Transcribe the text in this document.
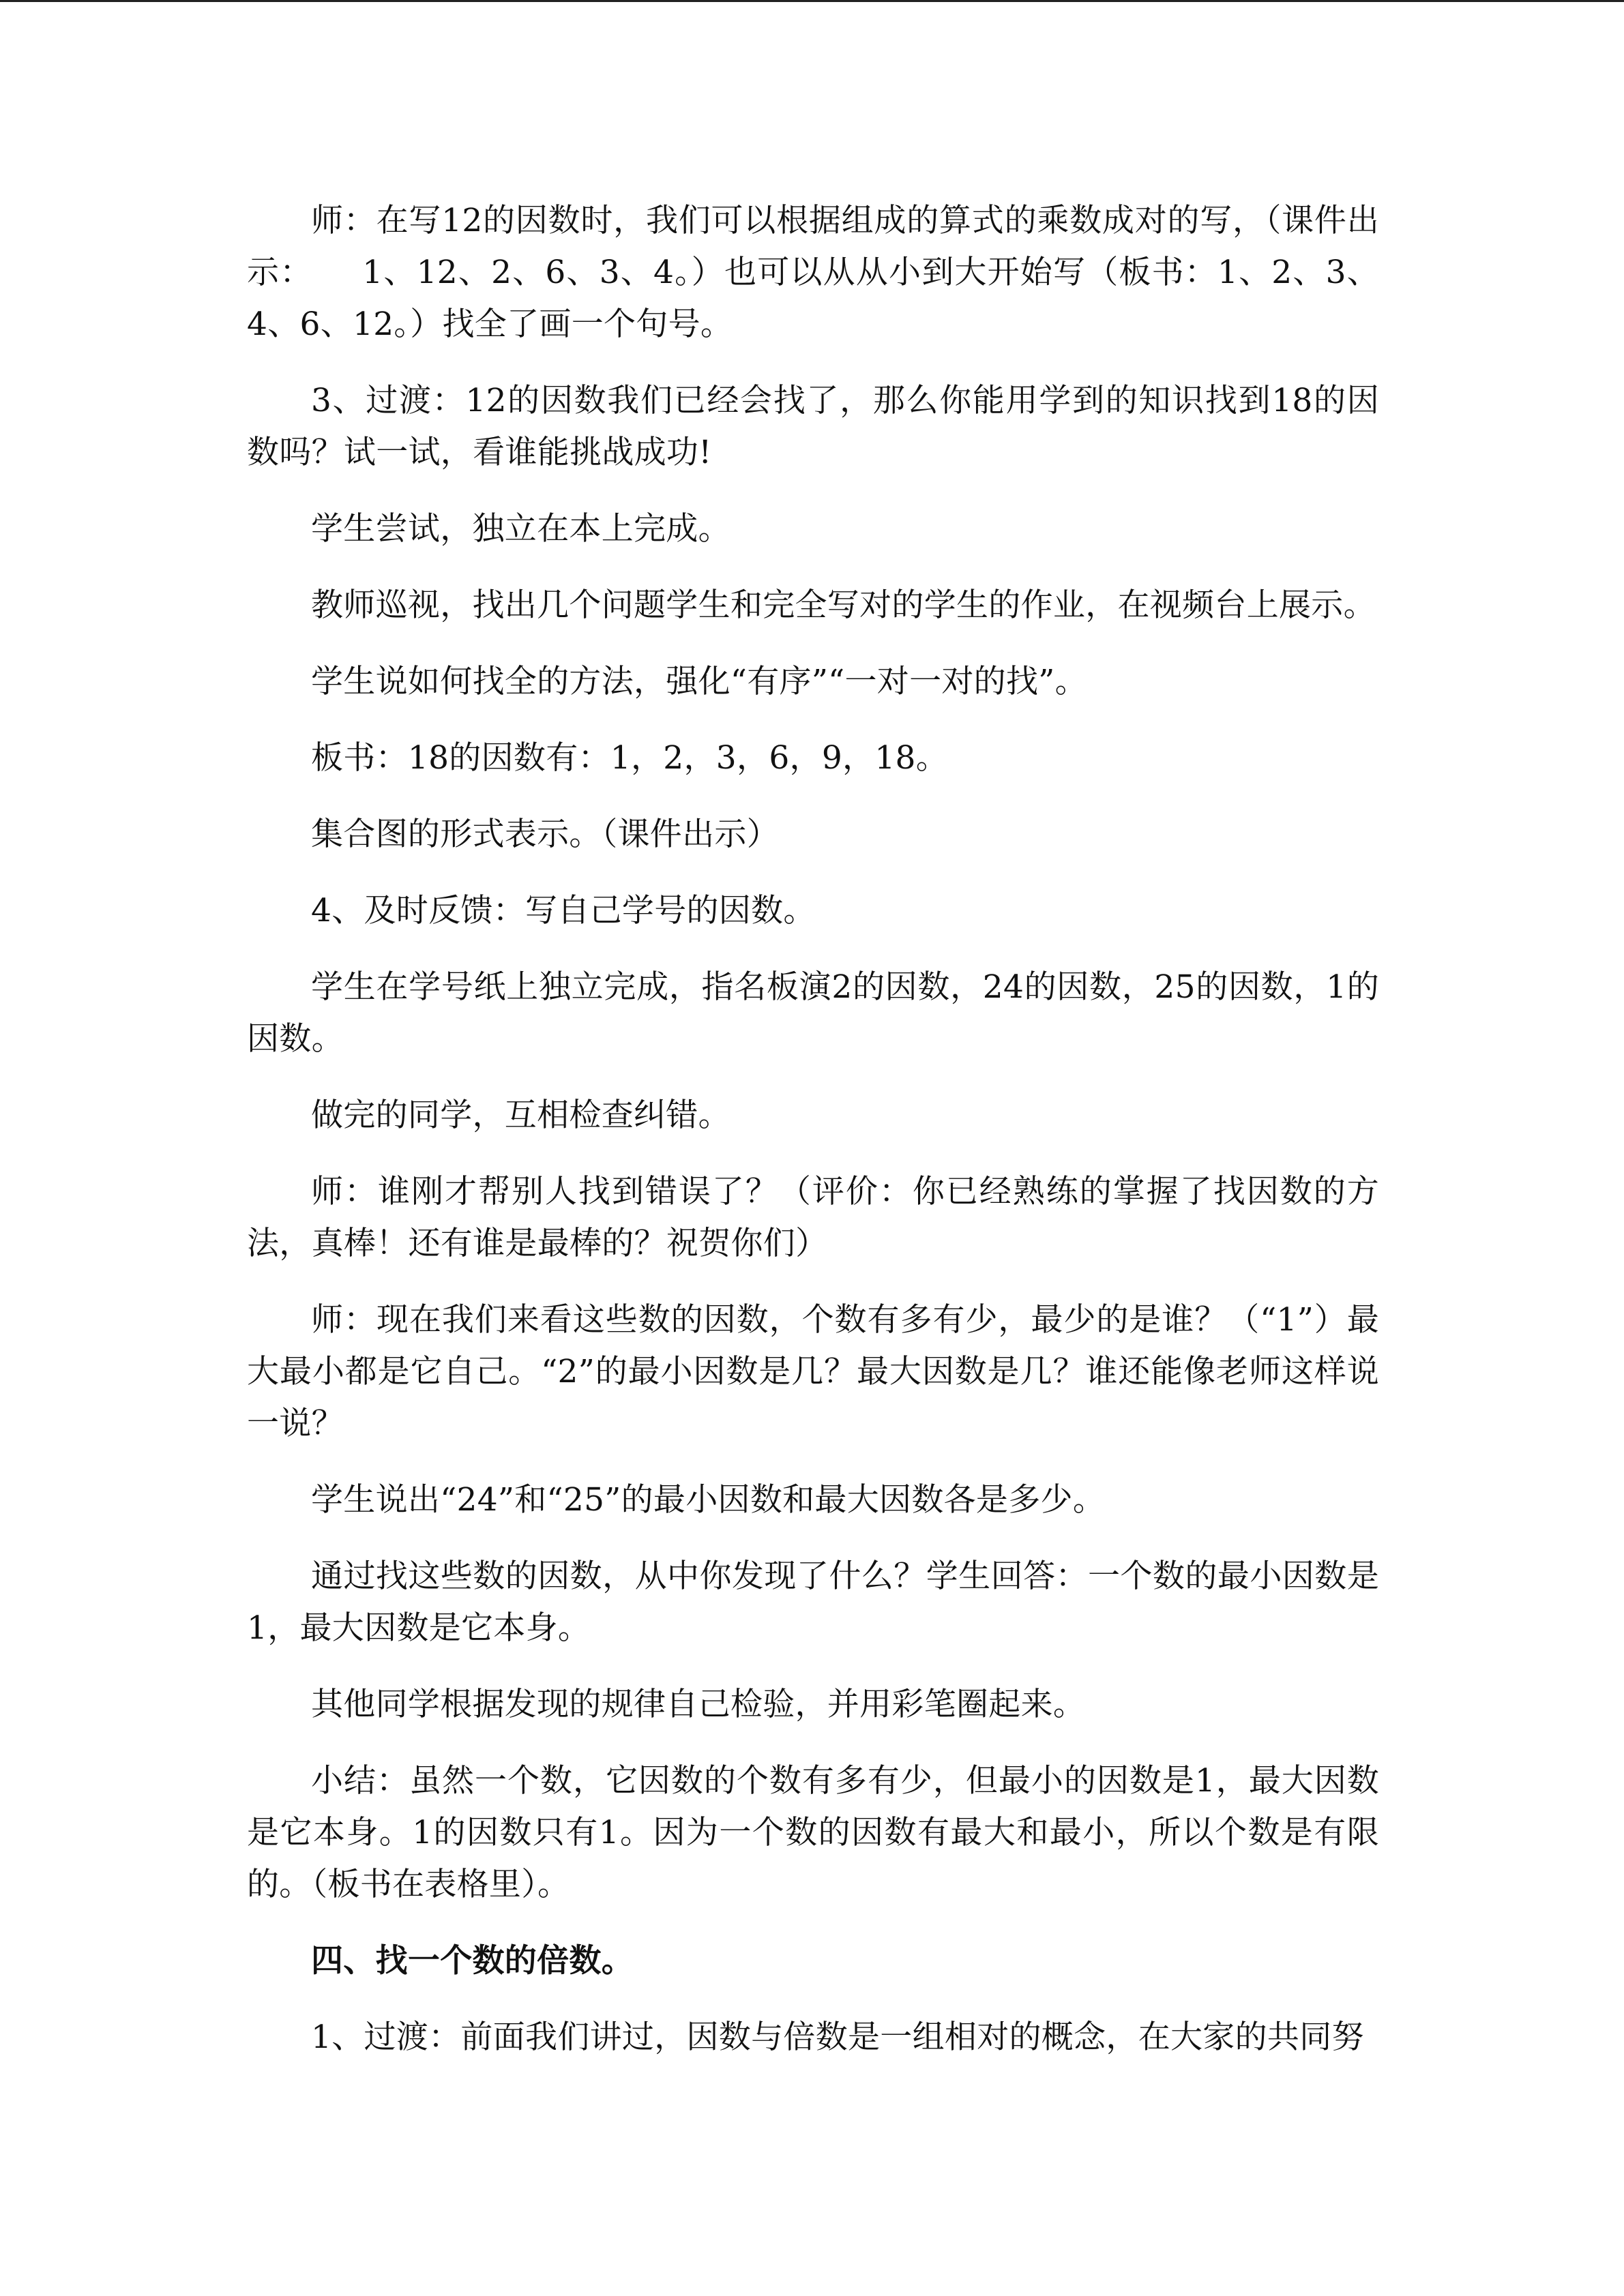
师：在写12的因数时，我们可以根据组成的算式的乘数成对的写，（课件出示：　　1、12、2、6、3、4。）也可以从从小到大开始写（板书：1、2、3、4、6、12。）找全了画一个句号。

3、过渡：12的因数我们已经会找了，那么你能用学到的知识找到18的因数吗？试一试，看谁能挑战成功!

学生尝试，独立在本上完成。

教师巡视，找出几个问题学生和完全写对的学生的作业，在视频台上展示。

学生说如何找全的方法，强化“有序”“一对一对的找”。

板书：18的因数有：1，2，3，6，9，18。

集合图的形式表示。（课件出示）

4、及时反馈：写自己学号的因数。

学生在学号纸上独立完成，指名板演2的因数，24的因数，25的因数，1的因数。

做完的同学，互相检查纠错。

师：谁刚才帮别人找到错误了？（评价：你已经熟练的掌握了找因数的方法，真棒！还有谁是最棒的？祝贺你们）

师：现在我们来看这些数的因数，个数有多有少，最少的是谁？（“1”）最大最小都是它自己。“2”的最小因数是几？最大因数是几？谁还能像老师这样说一说？

学生说出“24”和“25”的最小因数和最大因数各是多少。

通过找这些数的因数，从中你发现了什么？学生回答：一个数的最小因数是1，最大因数是它本身。

其他同学根据发现的规律自己检验，并用彩笔圈起来。

小结：虽然一个数，它因数的个数有多有少，但最小的因数是1，最大因数是它本身。1的因数只有1。因为一个数的因数有最大和最小，所以个数是有限的。（板书在表格里）。

四、找一个数的倍数。

1、过渡：前面我们讲过，因数与倍数是一组相对的概念，在大家的共同努
